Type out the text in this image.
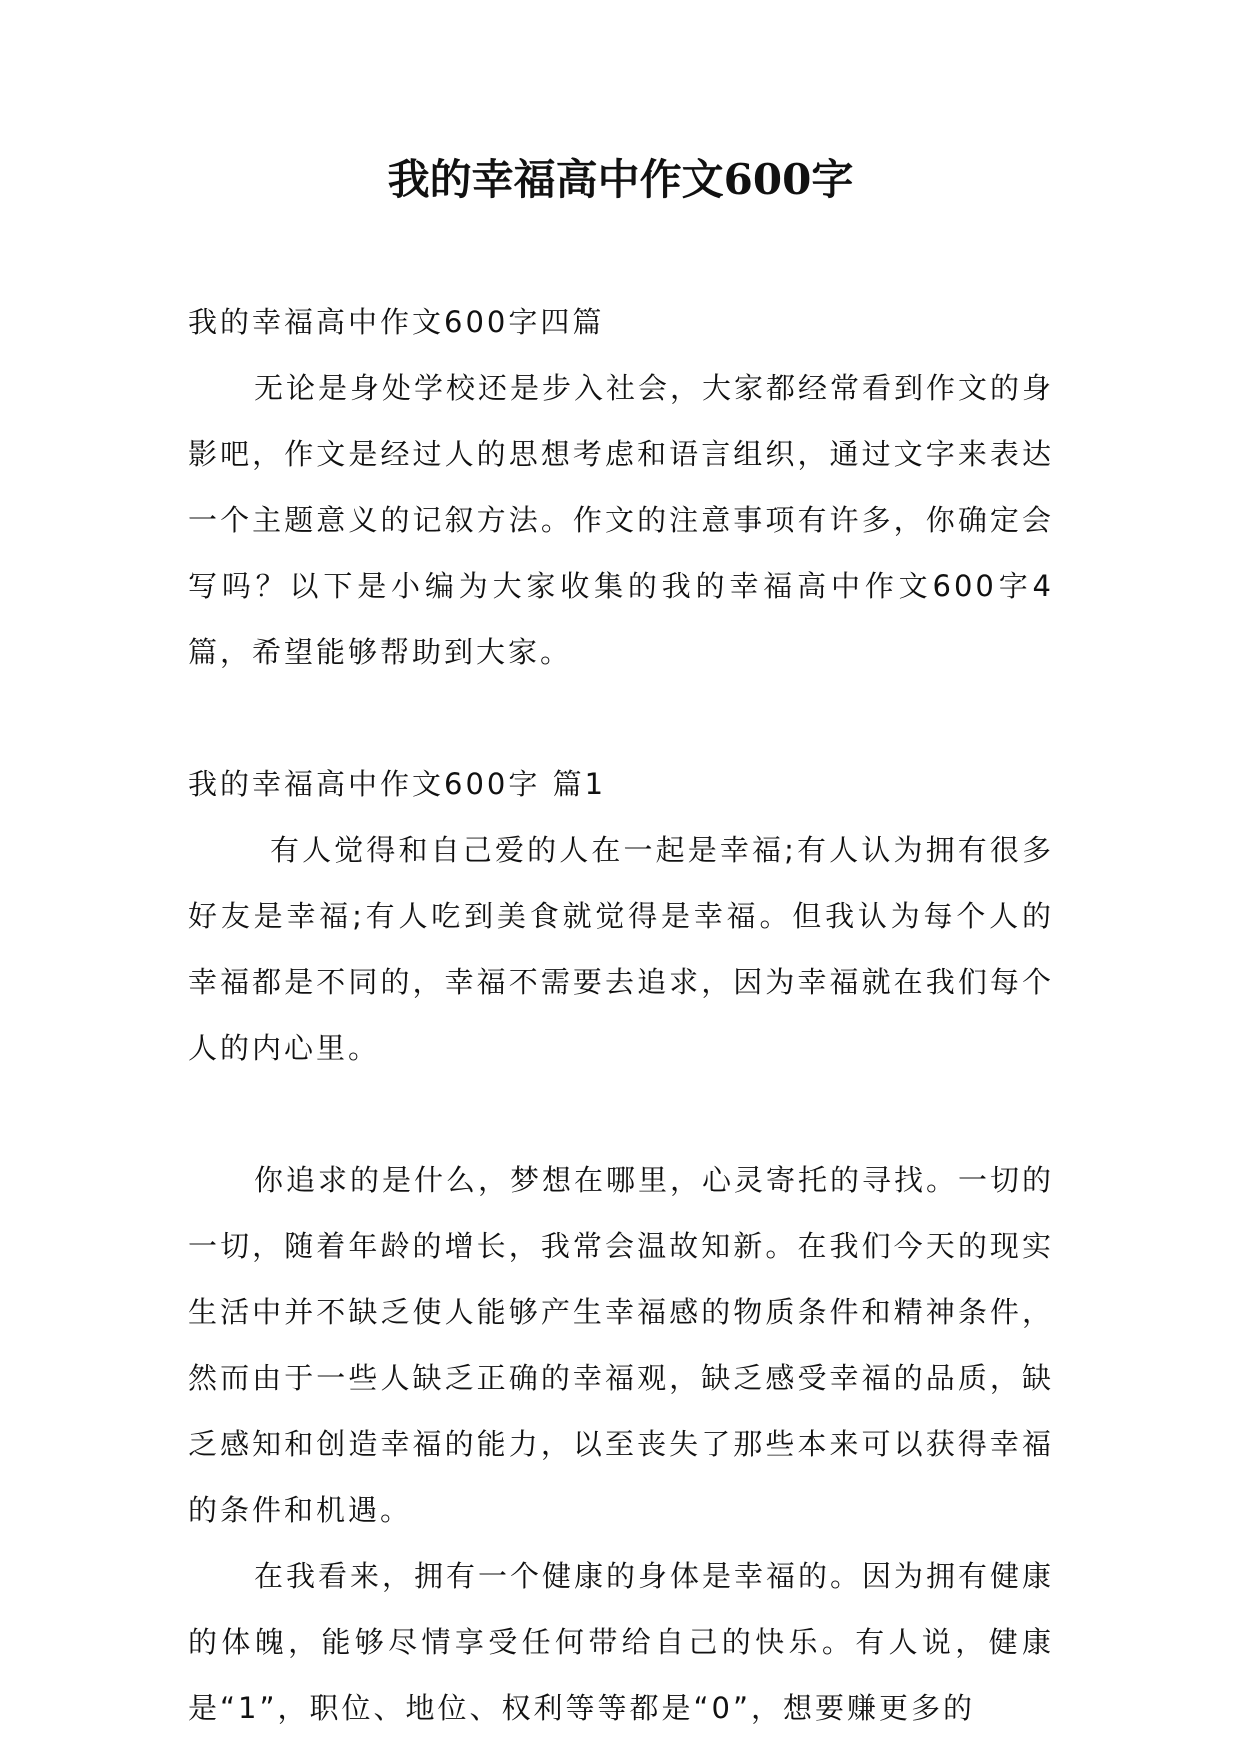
我的幸福高中作文600字

我的幸福高中作文600字四篇

无论是身处学校还是步入社会，大家都经常看到作文的身影吧，作文是经过人的思想考虑和语言组织，通过文字来表达一个主题意义的记叙方法。作文的注意事项有许多，你确定会写吗？以下是小编为大家收集的我的幸福高中作文600字4篇，希望能够帮助到大家。

我的幸福高中作文600字 篇1

有人觉得和自己爱的人在一起是幸福;有人认为拥有很多好友是幸福;有人吃到美食就觉得是幸福。但我认为每个人的幸福都是不同的，幸福不需要去追求，因为幸福就在我们每个人的内心里。

你追求的是什么，梦想在哪里，心灵寄托的寻找。一切的一切，随着年龄的增长，我常会温故知新。在我们今天的现实生活中并不缺乏使人能够产生幸福感的物质条件和精神条件，然而由于一些人缺乏正确的幸福观，缺乏感受幸福的品质，缺乏感知和创造幸福的能力，以至丧失了那些本来可以获得幸福的条件和机遇。

在我看来，拥有一个健康的身体是幸福的。因为拥有健康的体魄，能够尽情享受任何带给自己的快乐。有人说，健康是“1”，职位、地位、权利等等都是“0”，想要赚更多的
